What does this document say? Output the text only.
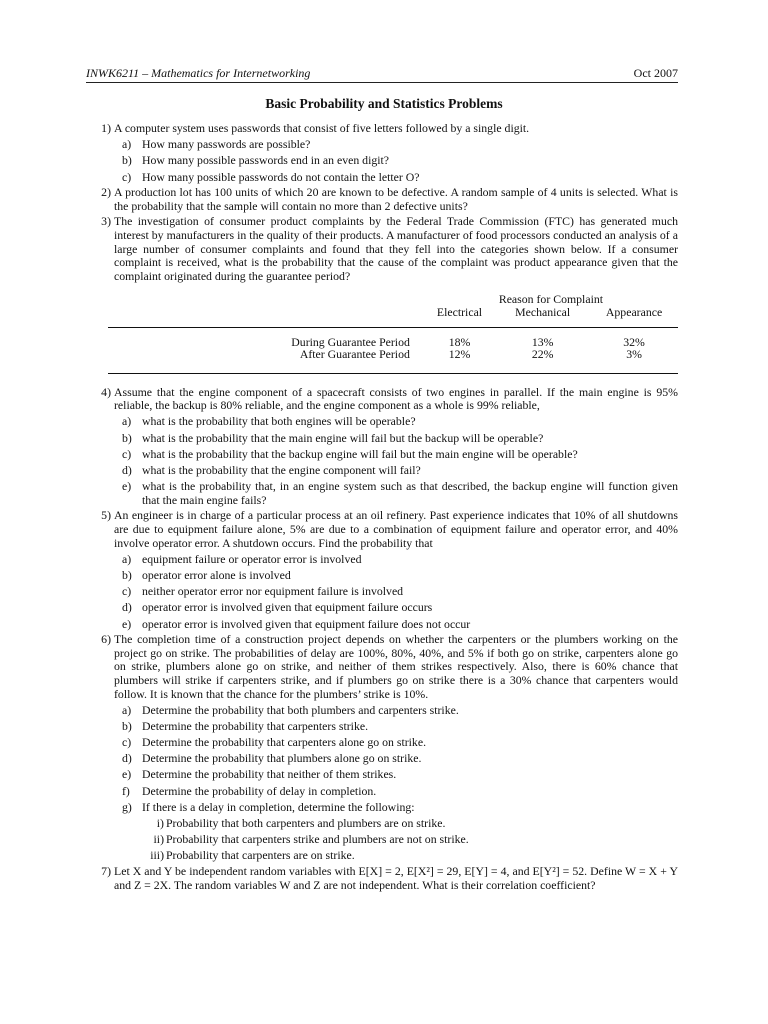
INWK6211 – Mathematics for Internetworking	Oct 2007
Basic Probability and Statistics Problems
1) A computer system uses passwords that consist of five letters followed by a single digit.
a) How many passwords are possible?
b) How many possible passwords end in an even digit?
c) How many possible passwords do not contain the letter O?
2) A production lot has 100 units of which 20 are known to be defective. A random sample of 4 units is selected. What is the probability that the sample will contain no more than 2 defective units?
3) The investigation of consumer product complaints by the Federal Trade Commission (FTC) has generated much interest by manufacturers in the quality of their products. A manufacturer of food processors conducted an analysis of a large number of consumer complaints and found that they fell into the categories shown below. If a consumer complaint is received, what is the probability that the cause of the complaint was product appearance given that the complaint originated during the guarantee period?
	Reason for Complaint		
	Electrical	Mechanical	Appearance
During Guarantee Period	18%	13%	32%
After Guarantee Period	12%	22%	3%
4) Assume that the engine component of a spacecraft consists of two engines in parallel. If the main engine is 95% reliable, the backup is 80% reliable, and the engine component as a whole is 99% reliable,
a) what is the probability that both engines will be operable?
b) what is the probability that the main engine will fail but the backup will be operable?
c) what is the probability that the backup engine will fail but the main engine will be operable?
d) what is the probability that the engine component will fail?
e) what is the probability that, in an engine system such as that described, the backup engine will function given that the main engine fails?
5) An engineer is in charge of a particular process at an oil refinery. Past experience indicates that 10% of all shutdowns are due to equipment failure alone, 5% are due to a combination of equipment failure and operator error, and 40% involve operator error. A shutdown occurs. Find the probability that
a) equipment failure or operator error is involved
b) operator error alone is involved
c) neither operator error nor equipment failure is involved
d) operator error is involved given that equipment failure occurs
e) operator error is involved given that equipment failure does not occur
6) The completion time of a construction project depends on whether the carpenters or the plumbers working on the project go on strike. The probabilities of delay are 100%, 80%, 40%, and 5% if both go on strike, carpenters alone go on strike, plumbers alone go on strike, and neither of them strikes respectively. Also, there is 60% chance that plumbers will strike if carpenters strike, and if plumbers go on strike there is a 30% chance that carpenters would follow. It is known that the chance for the plumbers’ strike is 10%.
a) Determine the probability that both plumbers and carpenters strike.
b) Determine the probability that carpenters strike.
c) Determine the probability that carpenters alone go on strike.
d) Determine the probability that plumbers alone go on strike.
e) Determine the probability that neither of them strikes.
f)	Determine the probability of delay in completion.
g) If there is a delay in completion, determine the following:
i) Probability that both carpenters and plumbers are on strike.
ii) Probability that carpenters strike and plumbers are not on strike.
iii) Probability that carpenters are on strike.
7) Let X and Y be independent random variables with E[X] = 2, E[X²] = 29, E[Y] = 4, and E[Y²] = 52. Define W = X + Y and Z = 2X. The random variables W and Z are not independent. What is their correlation coefficient?
